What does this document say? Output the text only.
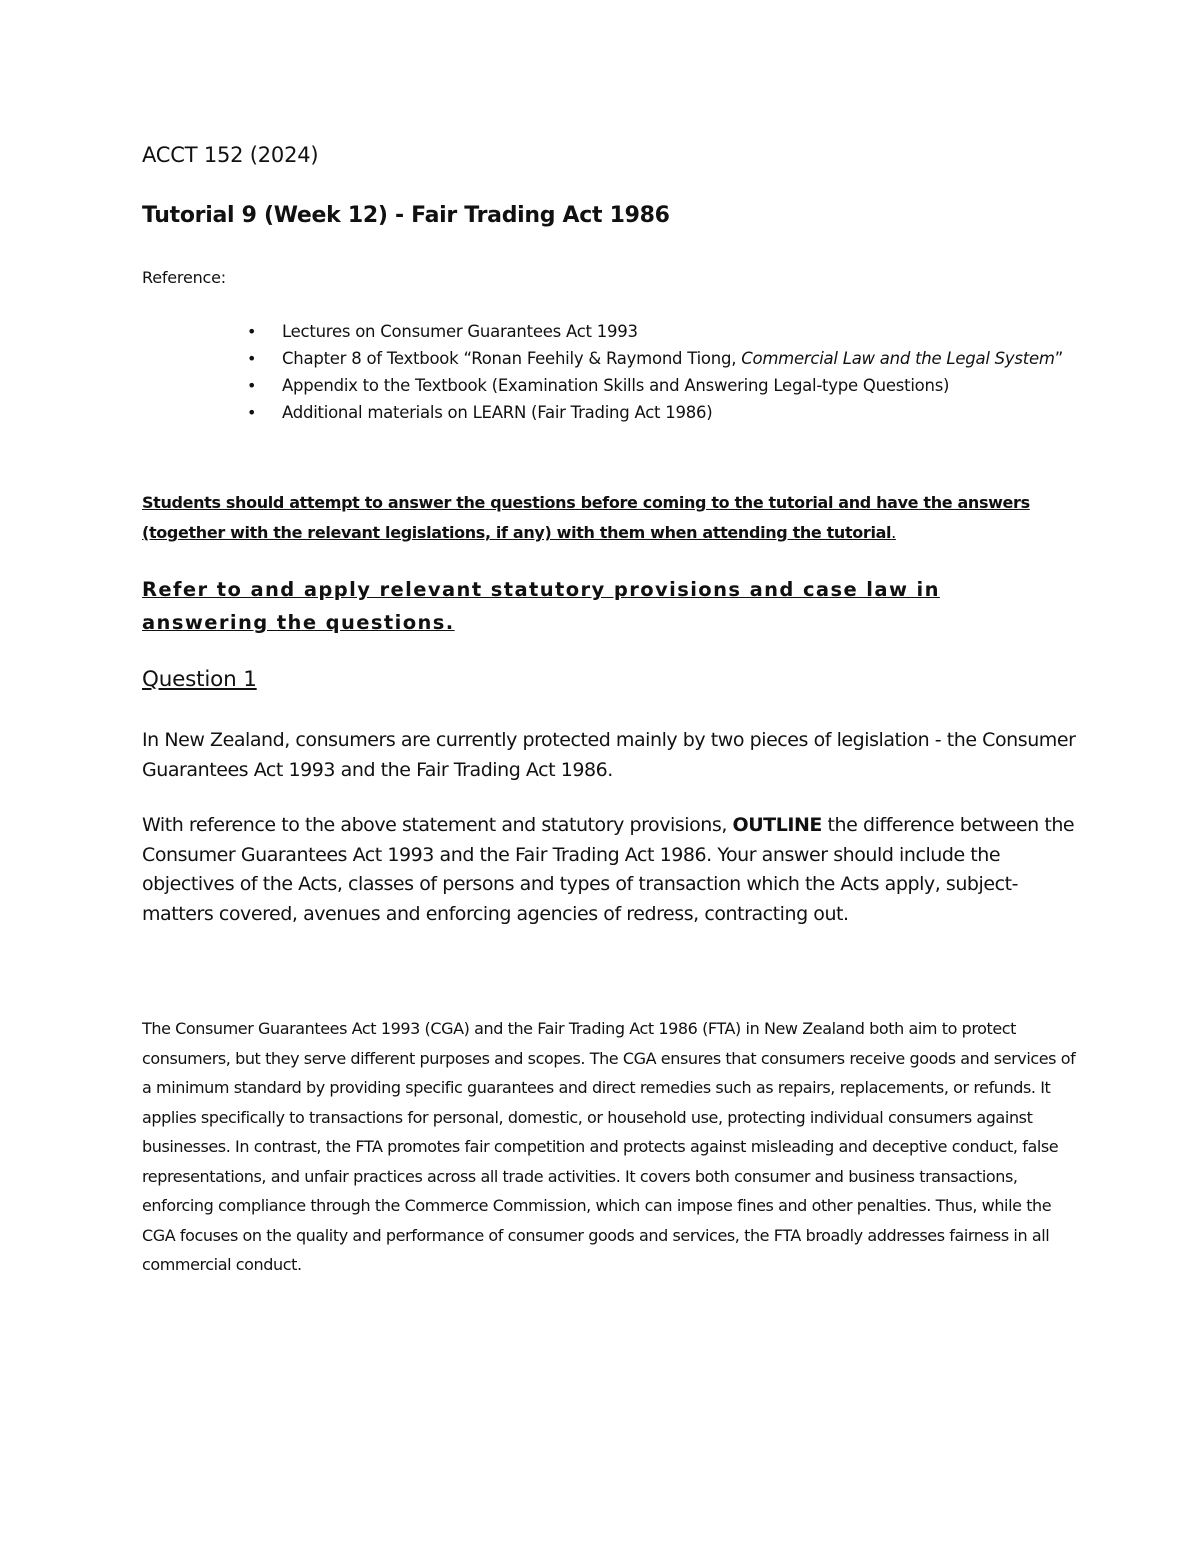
ACCT 152 (2024)

Tutorial 9 (Week 12) - Fair Trading Act 1986

Reference:

• Lectures on Consumer Guarantees Act 1993
• Chapter 8 of Textbook “Ronan Feehily & Raymond Tiong, Commercial Law and the Legal System”
• Appendix to the Textbook (Examination Skills and Answering Legal-type Questions)
• Additional materials on LEARN (Fair Trading Act 1986)

Students should attempt to answer the questions before coming to the tutorial and have the answers (together with the relevant legislations, if any) with them when attending the tutorial.

Refer to and apply relevant statutory provisions and case law in answering the questions.

Question 1

In New Zealand, consumers are currently protected mainly by two pieces of legislation - the Consumer Guarantees Act 1993 and the Fair Trading Act 1986.

With reference to the above statement and statutory provisions, OUTLINE the difference between the Consumer Guarantees Act 1993 and the Fair Trading Act 1986. Your answer should include the objectives of the Acts, classes of persons and types of transaction which the Acts apply, subject-matters covered, avenues and enforcing agencies of redress, contracting out.

The Consumer Guarantees Act 1993 (CGA) and the Fair Trading Act 1986 (FTA) in New Zealand both aim to protect consumers, but they serve different purposes and scopes. The CGA ensures that consumers receive goods and services of a minimum standard by providing specific guarantees and direct remedies such as repairs, replacements, or refunds. It applies specifically to transactions for personal, domestic, or household use, protecting individual consumers against businesses. In contrast, the FTA promotes fair competition and protects against misleading and deceptive conduct, false representations, and unfair practices across all trade activities. It covers both consumer and business transactions, enforcing compliance through the Commerce Commission, which can impose fines and other penalties. Thus, while the CGA focuses on the quality and performance of consumer goods and services, the FTA broadly addresses fairness in all commercial conduct.
